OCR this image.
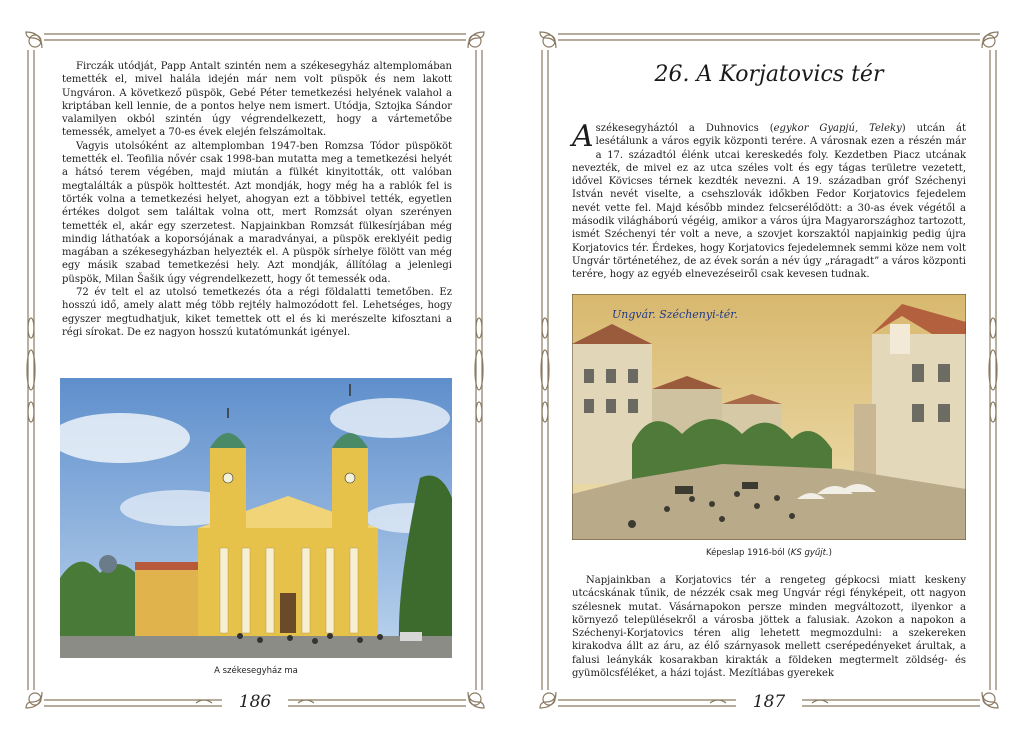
Firczák utódját, Papp Antalt szintén nem a székesegyház altemplomában temették el, mivel halála idején már nem volt püspök és nem lakott Ungváron. A következő püspök, Gebé Péter temetkezési helyének valahol a kriptában kell lennie, de a pontos helye nem ismert. Utódja, Sztojka Sándor valamilyen okból szintén úgy végrendelkezett, hogy a vártemetőbe temessék, amelyet a 70-es évek elején felszámoltak.

Vagyis utolsóként az altemplomban 1947-ben Romzsa Tódor püspököt temették el. Teofilia nővér csak 1998-ban mutatta meg a temetkezési helyét a hátsó terem végében, majd miután a fülkét kinyitották, ott valóban megtalálták a püspök holttestét. Azt mondják, hogy még ha a rablók fel is törték volna a temetkezési helyet, ahogyan ezt a többivel tették, egyetlen értékes dolgot sem találtak volna ott, mert Romzsát olyan szerényen temették el, akár egy szerzetest. Napjainkban Romzsát fülkesírjában még mindig láthatóak a koporsójának a maradványai, a püspök ereklyéit pedig magában a székesegyházban helyezték el. A püspök sírhelye fölött van még egy másik szabad temetkezési hely. Azt mondják, állítólag a jelenlegi püspök, Milan Šašik úgy végrendelkezett, hogy őt temessék oda.

72 év telt el az utolsó temetkezés óta a régi földalatti temetőben. Ez hosszú idő, amely alatt még több rejtély halmozódott fel. Lehetséges, hogy egyszer megtudhatjuk, kiket temettek ott el és ki merészelte kifosztani a régi sírokat. De ez nagyon hosszú kutatómunkát igényel.

A székesegyház ma
186
26. A Korjatovics tér

A székesegyháztól a Duhnovics (egykor Gyapjú, Teleky) utcán át lesétálunk a város egyik központi terére. A városnak ezen a részén már a 17. századtól élénk utcai kereskedés foly. Kezdetben Piacz utcának nevezték, de mivel ez az utca széles volt és egy tágas területre vezetett, idővel Kövicses térnek kezdték nevezni. A 19. században gróf Széchenyi István nevét viselte, a csehszlovák időkben Fedor Korjatovics fejedelem nevét vette fel. Majd később mindez felcserélődött: a 30-as évek végétől a második világháború végéig, amikor a város újra Magyarországhoz tartozott, ismét Széchenyi tér volt a neve, a szovjet korszaktól napjainkig pedig újra Korjatovics tér. Érdekes, hogy Korjatovics fejedelemnek semmi köze nem volt Ungvár történetéhez, de az évek során a név úgy „ráragadt” a város központi terére, hogy az egyéb elnevezéseiről csak kevesen tudnak.

Ungvár. Széchenyi-tér.
Képeslap 1916-ból (KS gyűjt.)

Napjainkban a Korjatovics tér a rengeteg gépkocsi miatt keskeny utcácskának tűnik, de nézzék csak meg Ungvár régi fényképeit, ott nagyon szélesnek mutat. Vásárnapokon persze minden megváltozott, ilyenkor a környező településekről a városba jöttek a falusiak. Azokon a napokon a Széchenyi-Korjatovics téren alig lehetett megmozdulni: a szekereken kirakodva állt az áru, az élő szárnyasok mellett cserépedényeket árultak, a falusi leánykák kosarakban kirakták a földeken megtermelt zöldség- és gyümölcsféléket, a házi tojást. Mezítlábas gyerekek

187
